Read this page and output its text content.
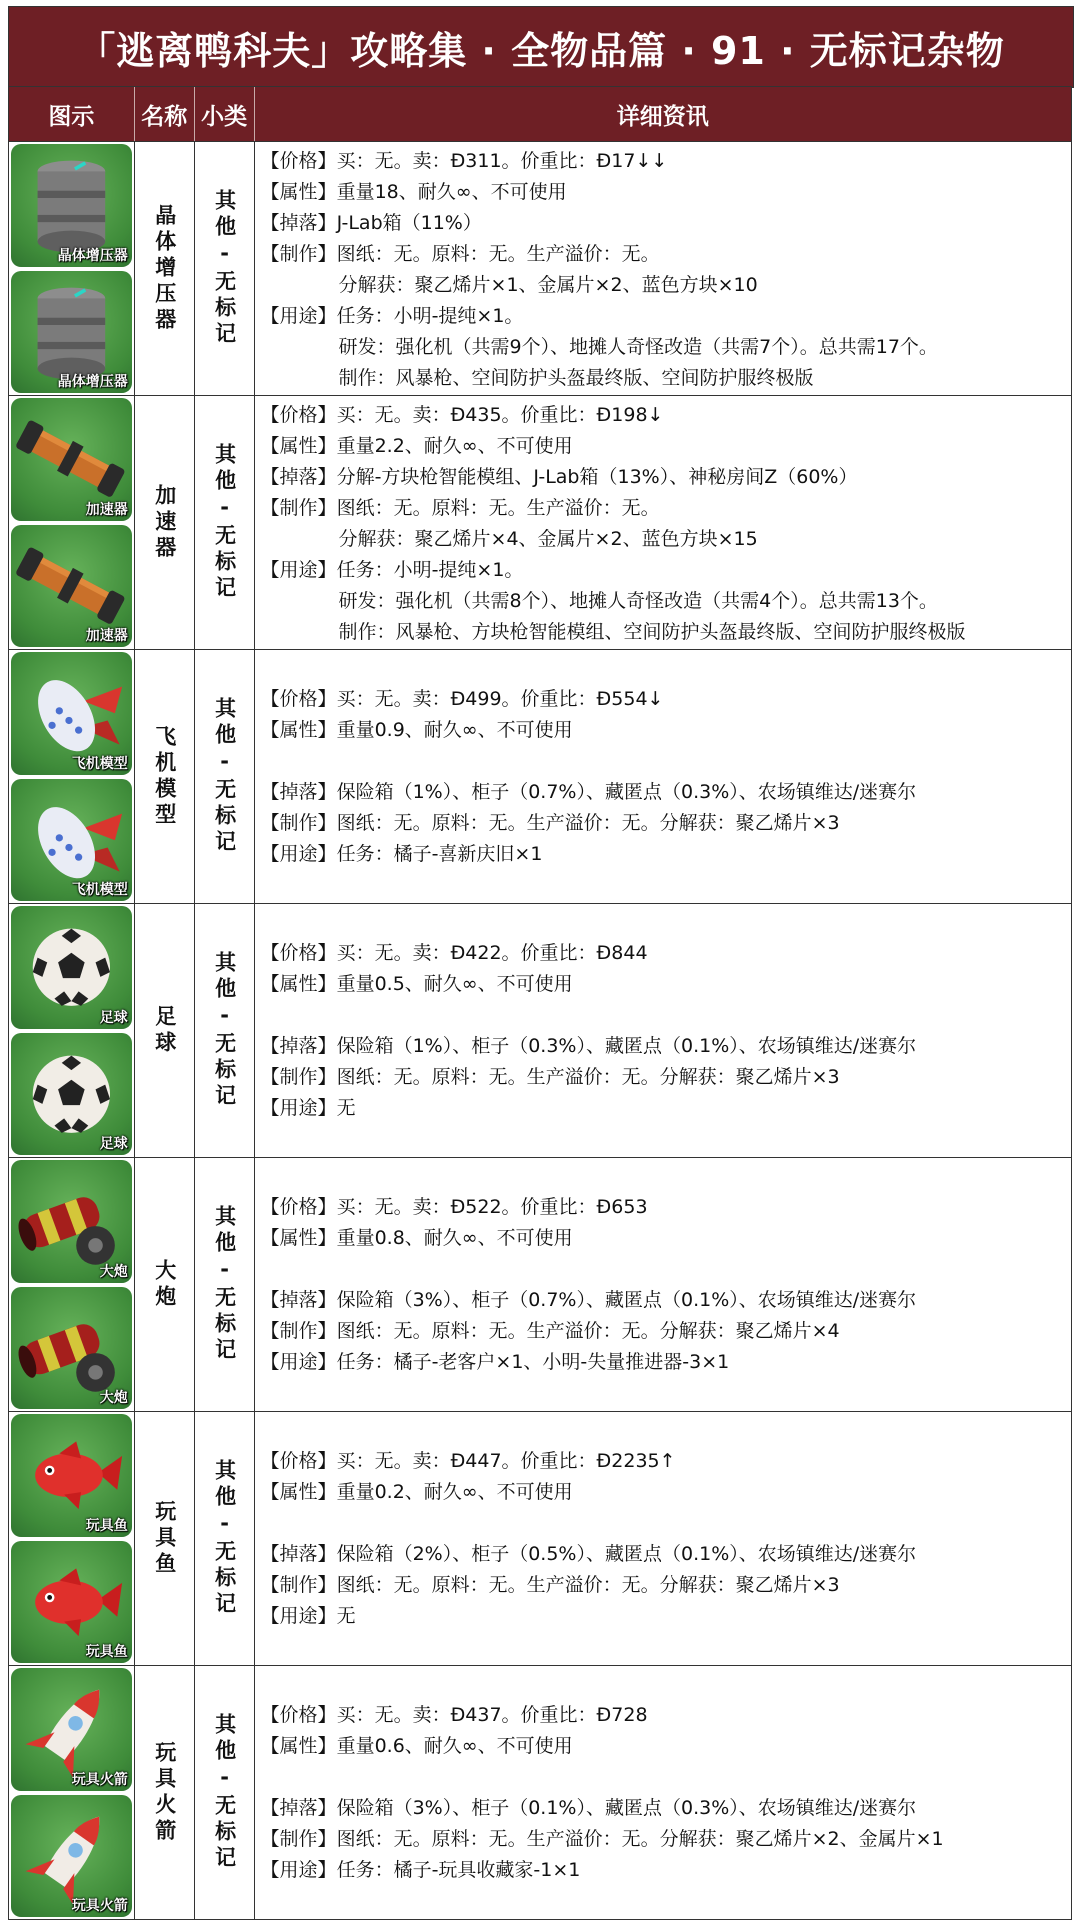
「逃离鸭科夫」攻略集 · 全物品篇 · 91 · 无标记杂物
图示	名称 小类	详细资讯
晶体增压器
晶体增压器
晶体增压器 其他-无标记
【价格】 买：无。卖：Đ311。价重比：Đ17↓↓
【属性】 重量18、耐久∞、不可使用
【掉落】 J-Lab箱（11%）
【制作】 图纸：无。原料：无。生产溢价：无。
分解获：聚乙烯片×1、金属片×2、蓝色方块×10
【用途】 任务：小明-提纯×1。
研发：强化机（共需9个）、地摊人奇怪改造（共需7个）。总共需17个。
制作：风暴枪、空间防护头盔最终版、空间防护服终极版
加速器
加速器
加速器 其他-无标记
【价格】 买：无。卖：Đ435。价重比：Đ198↓
【属性】 重量2.2、耐久∞、不可使用
【掉落】 分解-方块枪智能模组、J-Lab箱（13%）、神秘房间Z（60%）
【制作】 图纸：无。原料：无。生产溢价：无。
分解获：聚乙烯片×4、金属片×2、蓝色方块×15
【用途】 任务：小明-提纯×1。
研发：强化机（共需8个）、地摊人奇怪改造（共需4个）。总共需13个。
制作：风暴枪、方块枪智能模组、空间防护头盔最终版、空间防护服终极版
飞机模型
飞机模型
飞机模型 其他-无标记 【价格】 买：无。卖：Đ499。价重比：Đ554↓
【属性】 重量0.9、耐久∞、不可使用
【掉落】 保险箱（1%）、柜子（0.7%）、藏匿点（0.3%）、农场镇维达/迷赛尔
【制作】 图纸：无。原料：无。生产溢价：无。分解获：聚乙烯片×3
【用途】 任务：橘子-喜新庆旧×1
足球
足球
足球 其他-无标记 【价格】 买：无。卖：Đ422。价重比：Đ844
【属性】 重量0.5、耐久∞、不可使用
【掉落】 保险箱（1%）、柜子（0.3%）、藏匿点（0.1%）、农场镇维达/迷赛尔
【制作】 图纸：无。原料：无。生产溢价：无。分解获：聚乙烯片×3
【用途】 无
大炮
大炮
大炮 其他-无标记 【价格】 买：无。卖：Đ522。价重比：Đ653
【属性】 重量0.8、耐久∞、不可使用
【掉落】 保险箱（3%）、柜子（0.7%）、藏匿点（0.1%）、农场镇维达/迷赛尔
【制作】 图纸：无。原料：无。生产溢价：无。分解获：聚乙烯片×4
【用途】 任务：橘子-老客户×1、小明-失量推进器-3×1
玩具鱼
玩具鱼
玩具鱼 其他-无标记 【价格】 买：无。卖：Đ447。价重比：Đ2235↑
【属性】 重量0.2、耐久∞、不可使用
【掉落】 保险箱（2%）、柜子（0.5%）、藏匿点（0.1%）、农场镇维达/迷赛尔
【制作】 图纸：无。原料：无。生产溢价：无。分解获：聚乙烯片×3
【用途】 无
玩具火箭
玩具火箭
玩具火箭 其他-无标记 【价格】 买：无。卖：Đ437。价重比：Đ728
【属性】 重量0.6、耐久∞、不可使用
【掉落】 保险箱（3%）、柜子（0.1%）、藏匿点（0.3%）、农场镇维达/迷赛尔
【制作】 图纸：无。原料：无。生产溢价：无。分解获：聚乙烯片×2、金属片×1
【用途】 任务：橘子-玩具收藏家-1×1
